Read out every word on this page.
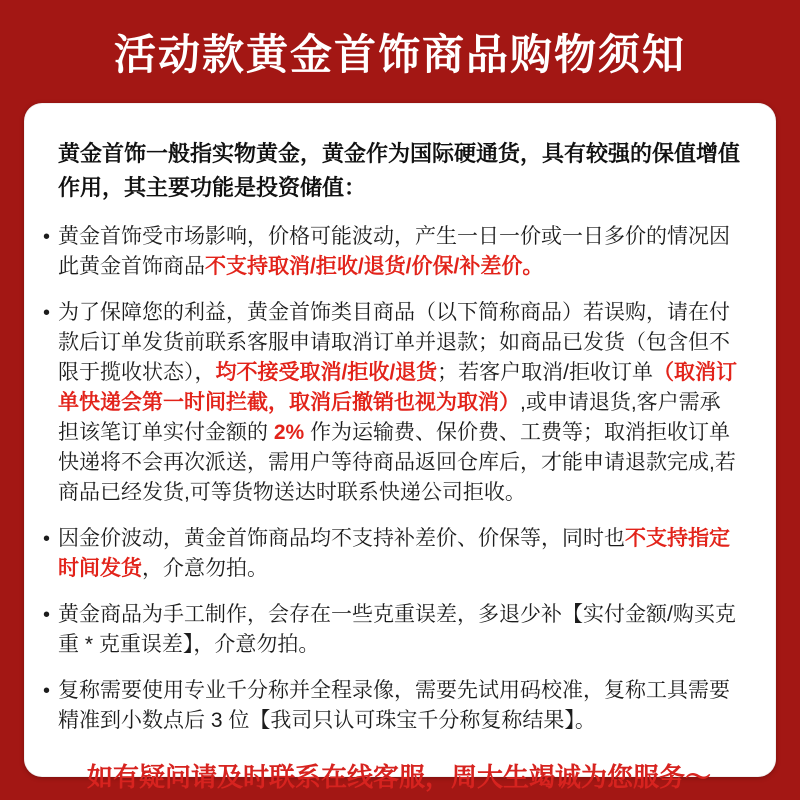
活动款黄金首饰商品购物须知

黄金首饰一般指实物黄金，黄金作为国际硬通货，具有较强的保值增值作用，其主要功能是投资储值：

• 黄金首饰受市场影响，价格可能波动，产生一日一价或一日多价的情况因此黄金首饰商品不支持取消/拒收/退货/价保/补差价。
• 为了保障您的利益，黄金首饰类目商品（以下简称商品）若误购，请在付款后订单发货前联系客服申请取消订单并退款；如商品已发货（包含但不限于揽收状态），均不接受取消/拒收/退货；若客户取消/拒收订单（取消订单快递会第一时间拦截，取消后撤销也视为取消）,或申请退货,客户需承担该笔订单实付金额的 2% 作为运输费、保价费、工费等；取消拒收订单快递将不会再次派送，需用户等待商品返回仓库后，才能申请退款完成,若商品已经发货,可等货物送达时联系快递公司拒收。
• 因金价波动，黄金首饰商品均不支持补差价、价保等，同时也不支持指定时间发货，介意勿拍。
• 黄金商品为手工制作，会存在一些克重误差，多退少补【实付金额/购买克重 * 克重误差】，介意勿拍。
• 复称需要使用专业千分称并全程录像，需要先试用码校准，复称工具需要精准到小数点后 3 位【我司只认可珠宝千分称复称结果】。
如有疑问请及时联系在线客服，周大生竭诚为您服务～
